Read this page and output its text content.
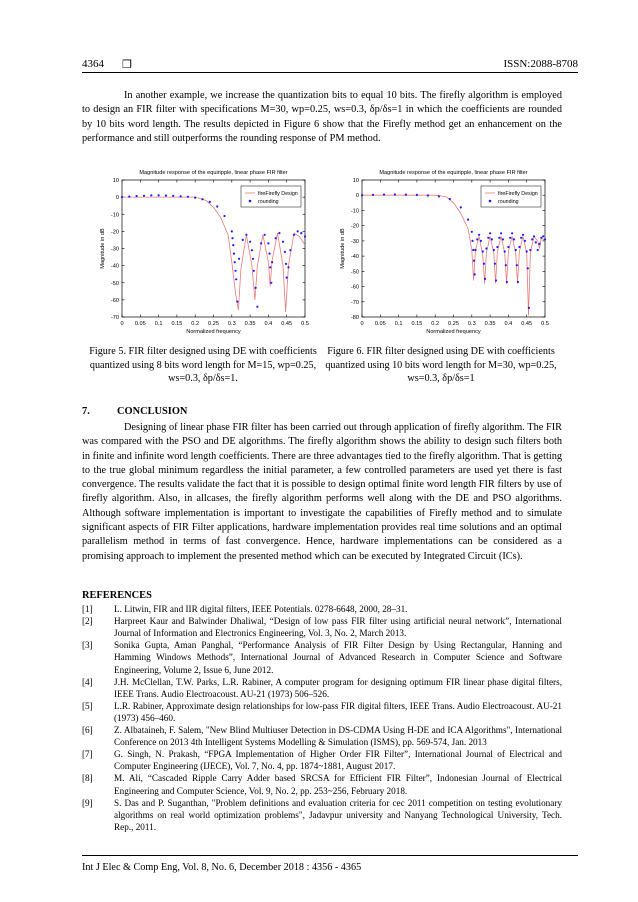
4364 ❒	ISSN:2088-8708

In another example, we increase the quantization bits to equal 10 bits. The firefly algorithm is employed to design an FIR filter with specifications M=30, wp=0.25, ws=0.3, δp/δs=1 in which the coefficients are rounded by 10 bits word length. The results depicted in Figure 6 show that the Firefly method get an enhancement on the performance and still outperforms the rounding response of PM method.

Magnitude response of the equiripple, linear phase FIR filter
0 0.05 0.1 0.15 0.2 0.25 0.3 0.35 0.4 0.45 0.5
10
0
-10
-20
-30
-40
-50
-60
-70
Normalized frequency
Magnitude in dB
fireFirefly Design
rounding
Magnitude response of the equiripple, linear phase FIR filter
0 0.05 0.1 0.15 0.2 0.25 0.3 0.35 0.4 0.45 0.5
10
0
-10
-20
-30
-40
-50
-60
-70
-80
Normalized frequency
Magnitude in dB
fireFirefly Design
rounding
Figure 5. FIR filter designed using DE with coefficients quantized using 8 bits word length for M=15, wp=0.25, ws=0.3, δp/δs=1.
Figure 6. FIR filter designed using DE with coefficients quantized using 10 bits word length for M=30, wp=0.25, ws=0.3, δp/δs=1
7.	CONCLUSION

Designing of linear phase FIR filter has been carried out through application of firefly algorithm. The FIR was compared with the PSO and DE algorithms. The firefly algorithm shows the ability to design such filters both in finite and infinite word length coefficients. There are three advantages tied to the firefly algorithm. That is getting to the true global minimum regardless the initial parameter, a few controlled parameters are used yet there is fast convergence. The results validate the fact that it is possible to design optimal finite word length FIR filters by use of firefly algorithm. Also, in allcases, the firefly algorithm performs well along with the DE and PSO algorithms. Although software implementation is important to investigate the capabilities of Firefly method and to simulate significant aspects of FIR Filter applications, hardware implementation provides real time solutions and an optimal parallelism method in terms of fast convergence. Hence, hardware implementations can be considered as a promising approach to implement the presented method which can be executed by Integrated Circuit (ICs).

REFERENCES
[1]	L. Litwin, FIR and IIR digital filters, IEEE Potentials. 0278-6648, 2000, 28–31.
[2]	Harpreet Kaur and Balwinder Dhaliwal, “Design of low pass FIR filter using artificial neural network”, International Journal of Information and Electronics Engineering, Vol. 3, No. 2, March 2013.
[3]	Sonika Gupta, Aman Panghal, “Performance Analysis of FIR Filter Design by Using Rectangular, Hanning and Hamming Windows Methods”, International Journal of Advanced Research in Computer Science and Software Engineering, Volume 2, Issue 6, June 2012.
[4]	J.H. McClellan, T.W. Parks, L.R. Rabiner, A computer program for designing optimum FIR linear phase digital filters, IEEE Trans. Audio Electroacoust. AU-21 (1973) 506–526.
[5]	L.R. Rabiner, Approximate design relationships for low-pass FIR digital filters, IEEE Trans. Audio Electroacoust. AU-21 (1973) 456–460.
[6]	Z. Albataineh, F. Salem, "New Blind Multiuser Detection in DS-CDMA Using H-DE and ICA Algorithms", International Conference on 2013 4th Intelligent Systems Modelling & Simulation (ISMS), pp. 569-574, Jan. 2013
[7]	G. Singh, N. Prakash, “FPGA Implementation of Higher Order FIR Filter”, International Journal of Electrical and Computer Engineering (IJECE), Vol. 7, No. 4, pp. 1874~1881, August 2017.
[8]	M. Ali, “Cascaded Ripple Carry Adder based SRCSA for Efficient FIR Filter”, Indonesian Journal of Electrical Engineering and Computer Science, Vol. 9, No. 2, pp. 253~256, February 2018.
[9]	S. Das and P. Suganthan, "Problem definitions and evaluation criteria for cec 2011 competition on testing evolutionary algorithms on real world optimization problems", Jadavpur university and Nanyang Technological University, Tech. Rep., 2011.
Int J Elec & Comp Eng, Vol. 8, No. 6, December 2018 : 4356 - 4365
